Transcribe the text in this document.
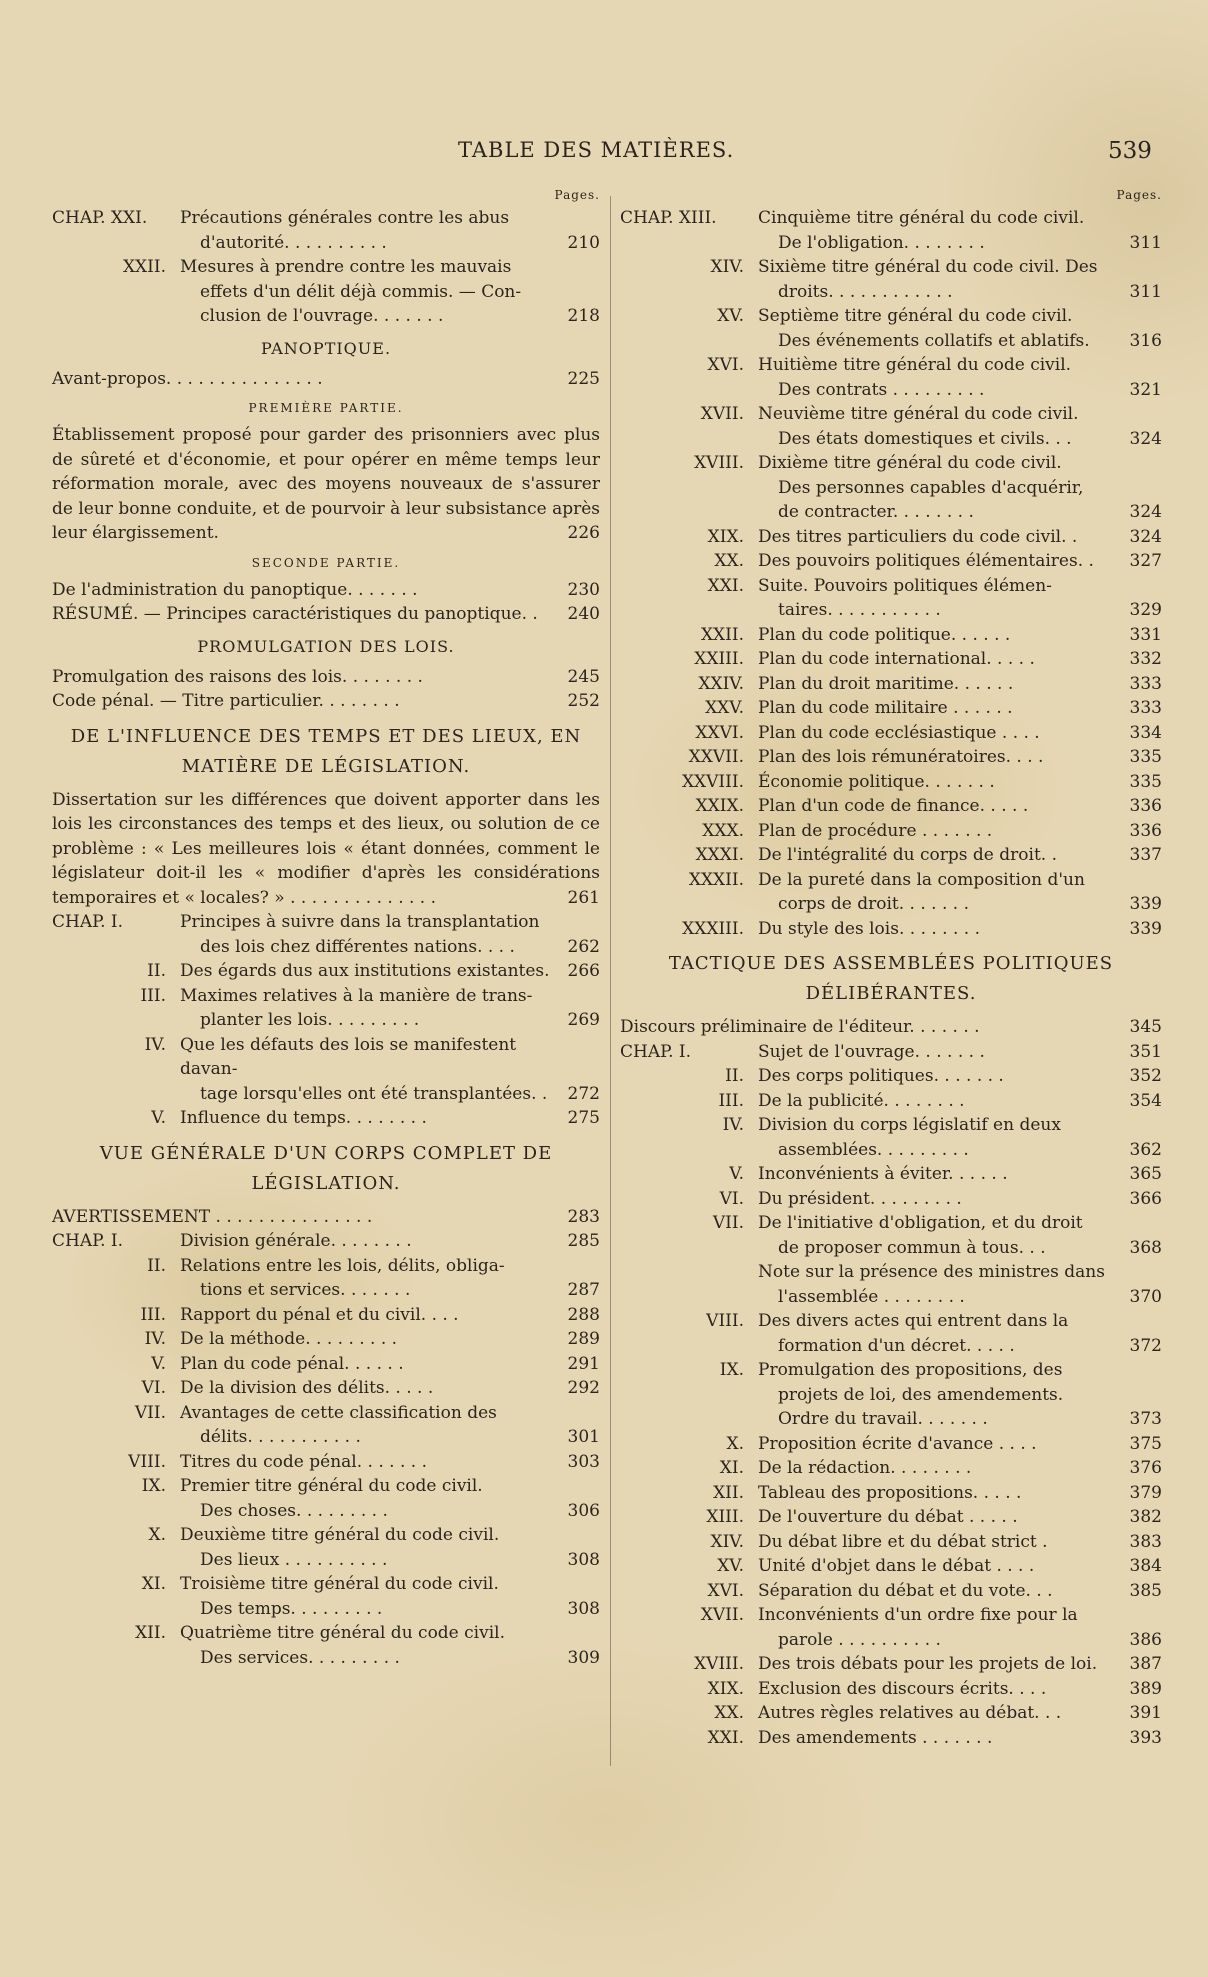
TABLE DES MATIÈRES.	539
Pages.
CHAP. XXI.	Précautions générales contre les abus
d'autorité. . . . . . . . . .	210
XXII. Mesures à prendre contre les mauvais
effets d'un délit déjà commis. — Con-
clusion de l'ouvrage. . . . . . .	218
PANOPTIQUE.
Avant-propos. . . . . . . . . . . . . . .	225
PREMIÈRE PARTIE.
Établissement proposé pour garder des prisonniers avec plus de sûreté et d'économie, et pour opérer en même temps leur réformation morale, avec des moyens nouveaux de s'assurer de leur bonne conduite, et de pourvoir à leur subsistance après leur élargissement.	226
SECONDE PARTIE.
De l'administration du panoptique. . . . . . .	230
RÉSUMÉ. — Principes caractéristiques du panoptique. .	240
PROMULGATION DES LOIS.
Promulgation des raisons des lois. . . . . . . .	245
Code pénal. — Titre particulier. . . . . . . .	252
DE L'INFLUENCE DES TEMPS ET DES LIEUX, EN MATIÈRE DE LÉGISLATION.
Dissertation sur les différences que doivent apporter dans les lois les circonstances des temps et des lieux, ou solution de ce problème : « Les meilleures lois « étant données, comment le législateur doit-il les « modifier d'après les considérations temporaires et « locales? » . . . . . . . . . . . . . .	261
CHAP. I.	Principes à suivre dans la transplantation
des lois chez différentes nations. . . .	262
II. Des égards dus aux institutions existantes. 266
III. Maximes relatives à la manière de trans-
planter les lois. . . . . . . . .	269
IV. Que les défauts des lois se manifestent davan-
tage lorsqu'elles ont été transplantées. .	272
V. Influence du temps. . . . . . . .	275
VUE GÉNÉRALE D'UN CORPS COMPLET DE LÉGISLATION.
AVERTISSEMENT . . . . . . . . . . . . . . .	283
CHAP. I.	Division générale. . . . . . . .	285
II. Relations entre les lois, délits, obliga-
tions et services. . . . . . .	287
III. Rapport du pénal et du civil. . . .	288
IV. De la méthode. . . . . . . . .	289
V. Plan du code pénal. . . . . .	291
VI. De la division des délits. . . . .	292
VII. Avantages de cette classification des
délits. . . . . . . . . . .	301
VIII. Titres du code pénal. . . . . . .	303
IX. Premier titre général du code civil.
Des choses. . . . . . . . .	306
X. Deuxième titre général du code civil.
Des lieux . . . . . . . . . .	308
XI. Troisième titre général du code civil.
Des temps. . . . . . . . .	308
XII. Quatrième titre général du code civil.
Des services. . . . . . . . .	309
Pages.
CHAP. XIII.	Cinquième titre général du code civil.
De l'obligation. . . . . . . .	311
XIV. Sixième titre général du code civil. Des
droits. . . . . . . . . . . .	311
XV. Septième titre général du code civil.
Des événements collatifs et ablatifs.	316
XVI. Huitième titre général du code civil.
Des contrats . . . . . . . . .	321
XVII. Neuvième titre général du code civil.
Des états domestiques et civils. . .	324
XVIII. Dixième titre général du code civil.
Des personnes capables d'acquérir,
de contracter. . . . . . . .	324
XIX. Des titres particuliers du code civil. .	324
XX. Des pouvoirs politiques élémentaires. .	327
XXI. Suite. Pouvoirs politiques élémen-
taires. . . . . . . . . . .	329
XXII. Plan du code politique. . . . . .	331
XXIII. Plan du code international. . . . .	332
XXIV. Plan du droit maritime. . . . . .	333
XXV. Plan du code militaire . . . . . .	333
XXVI. Plan du code ecclésiastique . . . .	334
XXVII. Plan des lois rémunératoires. . . .	335
XXVIII. Économie politique. . . . . . .	335
XXIX. Plan d'un code de finance. . . . .	336
XXX. Plan de procédure . . . . . . .	336
XXXI. De l'intégralité du corps de droit. .	337
XXXII. De la pureté dans la composition d'un
corps de droit. . . . . . .	339
XXXIII. Du style des lois. . . . . . . .	339
TACTIQUE DES ASSEMBLÉES POLITIQUES DÉLIBÉRANTES.
Discours préliminaire de l'éditeur. . . . . . .	345
CHAP. I.	Sujet de l'ouvrage. . . . . . .	351
II. Des corps politiques. . . . . . .	352
III. De la publicité. . . . . . . .	354
IV. Division du corps législatif en deux
assemblées. . . . . . . . .	362
V. Inconvénients à éviter. . . . . .	365
VI. Du président. . . . . . . . .	366
VII. De l'initiative d'obligation, et du droit
de proposer commun à tous. . .	368
Note sur la présence des ministres dans
l'assemblée . . . . . . . .	370
VIII. Des divers actes qui entrent dans la
formation d'un décret. . . . .	372
IX. Promulgation des propositions, des
projets de loi, des amendements.
Ordre du travail. . . . . . .	373
X. Proposition écrite d'avance . . . .	375
XI. De la rédaction. . . . . . . .	376
XII. Tableau des propositions. . . . .	379
XIII. De l'ouverture du débat . . . . .	382
XIV. Du débat libre et du débat strict .	383
XV. Unité d'objet dans le débat . . . .	384
XVI. Séparation du débat et du vote. . .	385
XVII. Inconvénients d'un ordre fixe pour la
parole . . . . . . . . . .	386
XVIII. Des trois débats pour les projets de loi.	387
XIX. Exclusion des discours écrits. . . .	389
XX. Autres règles relatives au débat. . .	391
XXI. Des amendements . . . . . . .	393
